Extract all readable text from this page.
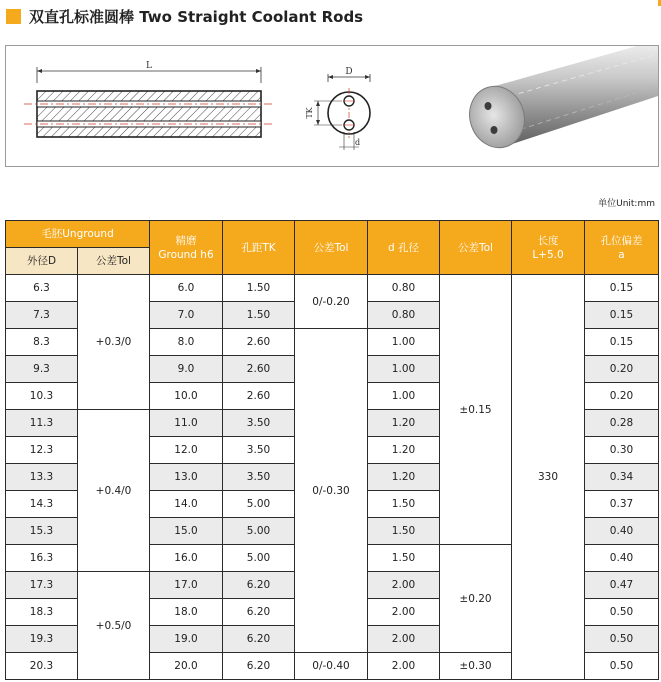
双直孔标准圆棒 Two Straight Coolant Rods
L
D
TK
d
单位Unit:mm
毛胚Unground		精磨
Ground h6	孔距TK	公差Tol	d 孔径	公差Tol	长度
L+5.0	孔位偏差
a
外径D	公差Tol							
6.3	+0.3/0	6.0	1.50	0/-0.20	0.80	±0.15	330	0.15
7.3		7.0	1.50		0.80			0.15
8.3		8.0	2.60	0/-0.30	1.00			0.15
9.3		9.0	2.60		1.00			0.20
10.3		10.0	2.60		1.00			0.20
11.3	+0.4/0	11.0	3.50		1.20			0.28
12.3		12.0	3.50		1.20			0.30
13.3		13.0	3.50		1.20			0.34
14.3		14.0	5.00		1.50			0.37
15.3		15.0	5.00		1.50			0.40
16.3		16.0	5.00		1.50	±0.20		0.40
17.3	+0.5/0	17.0	6.20		2.00			0.47
18.3		18.0	6.20		2.00			0.50
19.3		19.0	6.20		2.00			0.50
20.3		20.0	6.20	0/-0.40	2.00	±0.30		0.50
